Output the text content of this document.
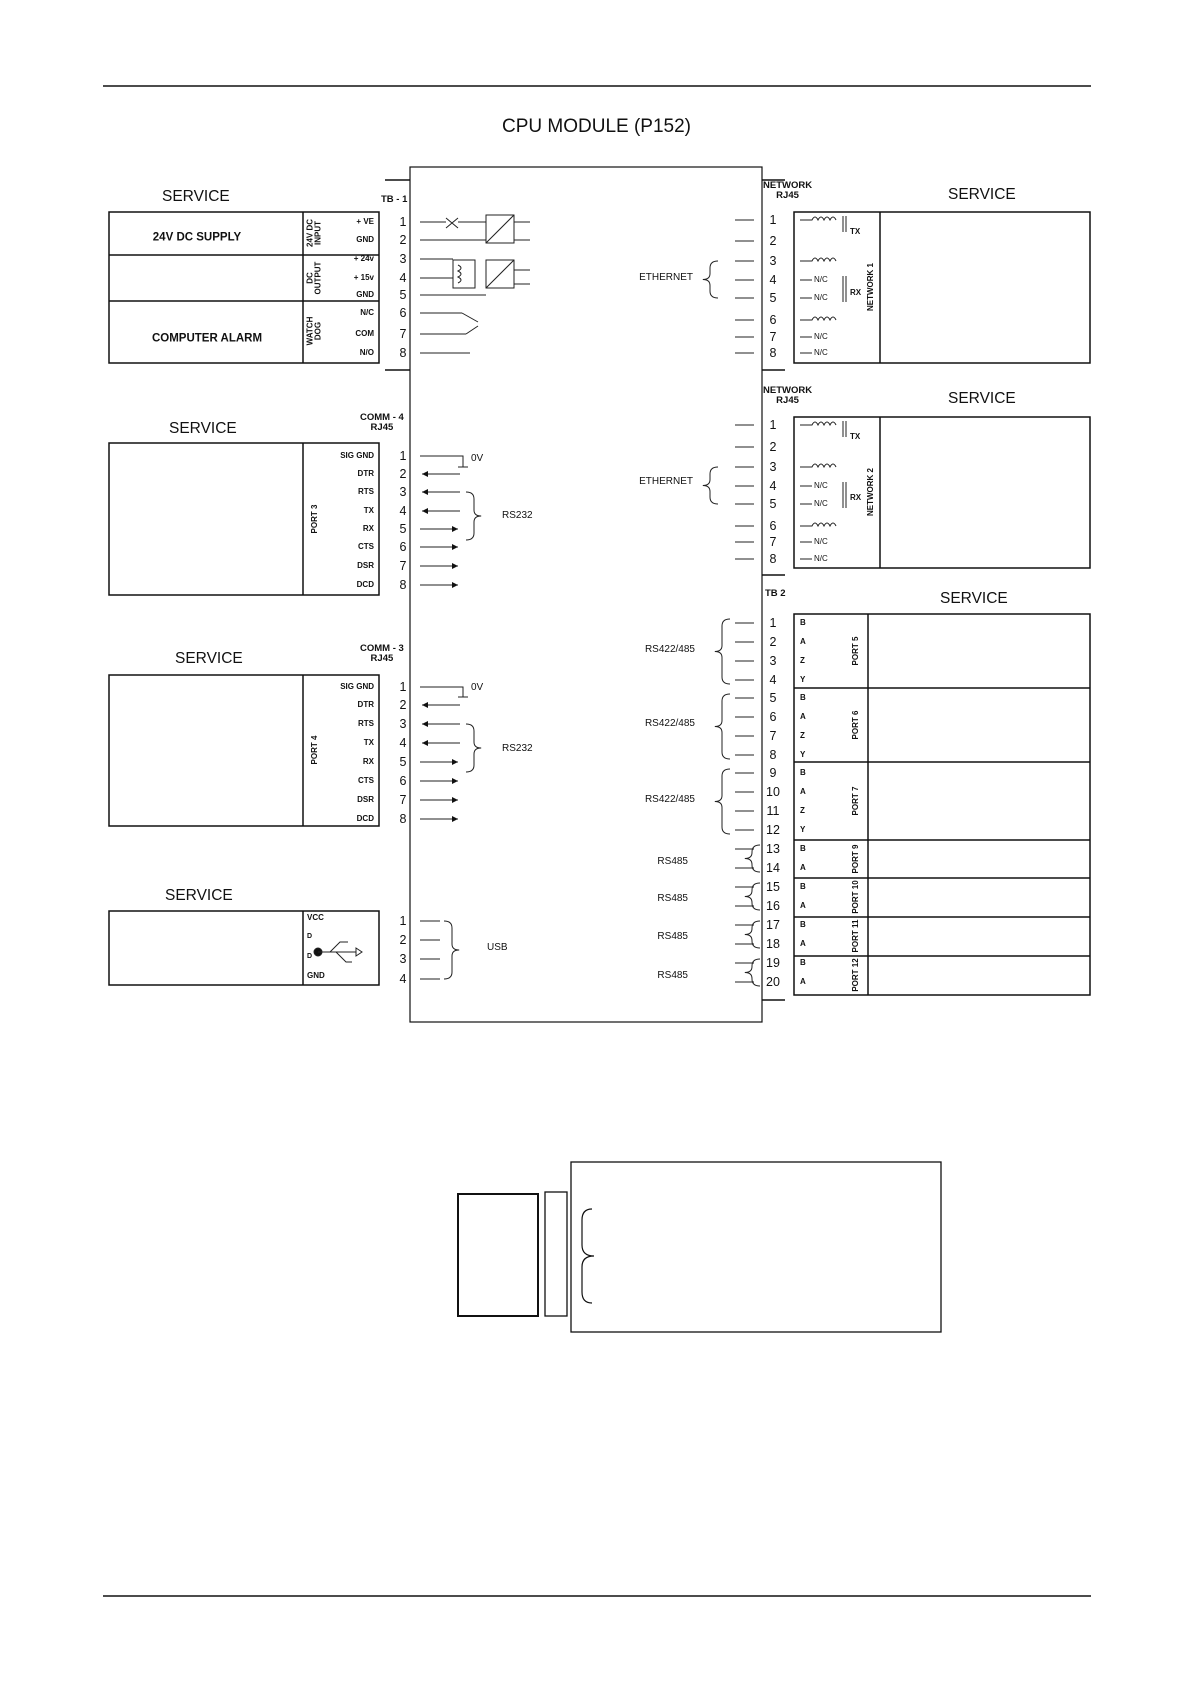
CPU MODULE (P152)
SERVICE	SERVICE
SERVICE
SERVICE
SERVICE
SERVICE
SERVICE
TB - 1
24V DC SUPPLY
COMPUTER ALARM
24V DC
INPUT
DC
OUTPUT
WATCH
DOG
COMM - 4
RJ45
COMM - 3
RJ45
PORT 3
PORT 4
0V
RS232
0V
RS232
VCC
GND
D
D
USB
NETWORK
RJ45
NETWORK
RJ45
ETHERNET
ETHERNET
NETWORK 1
NETWORK 2
TX
RX
TX
RX
TB 2
1
+ VE
2
GND
3
+ 24v
4
+ 15v
5
GND
6
N/C
7
COM
8
N/O
1
SIG GND
2
DTR
3
RTS
4
TX
5
RX
6
CTS
7
DSR
8
DCD
1
SIG GND
2
DTR
3
RTS
4
TX
5
RX
6
CTS
7
DSR
8
DCD
1
2
3
4
1
2
3
4
5
6
7
8
N/C
N/C
N/C
N/C
1
2
3
4
5
6
7
8
N/C
N/C
N/C
N/C
1
2
3
4
5
6
7
8
9
10
11
12
13
14
15
16
17
18
19
20
RS422/485	PORT 5
B
A
Z
Y
RS422/485	PORT 6
B
A
Z
Y
RS422/485	PORT 7
B
A
Z
Y
RS485	PORT 9
B
A
RS485	PORT 10
B
A
RS485	PORT 11
B
A
RS485	PORT 12
B
A
